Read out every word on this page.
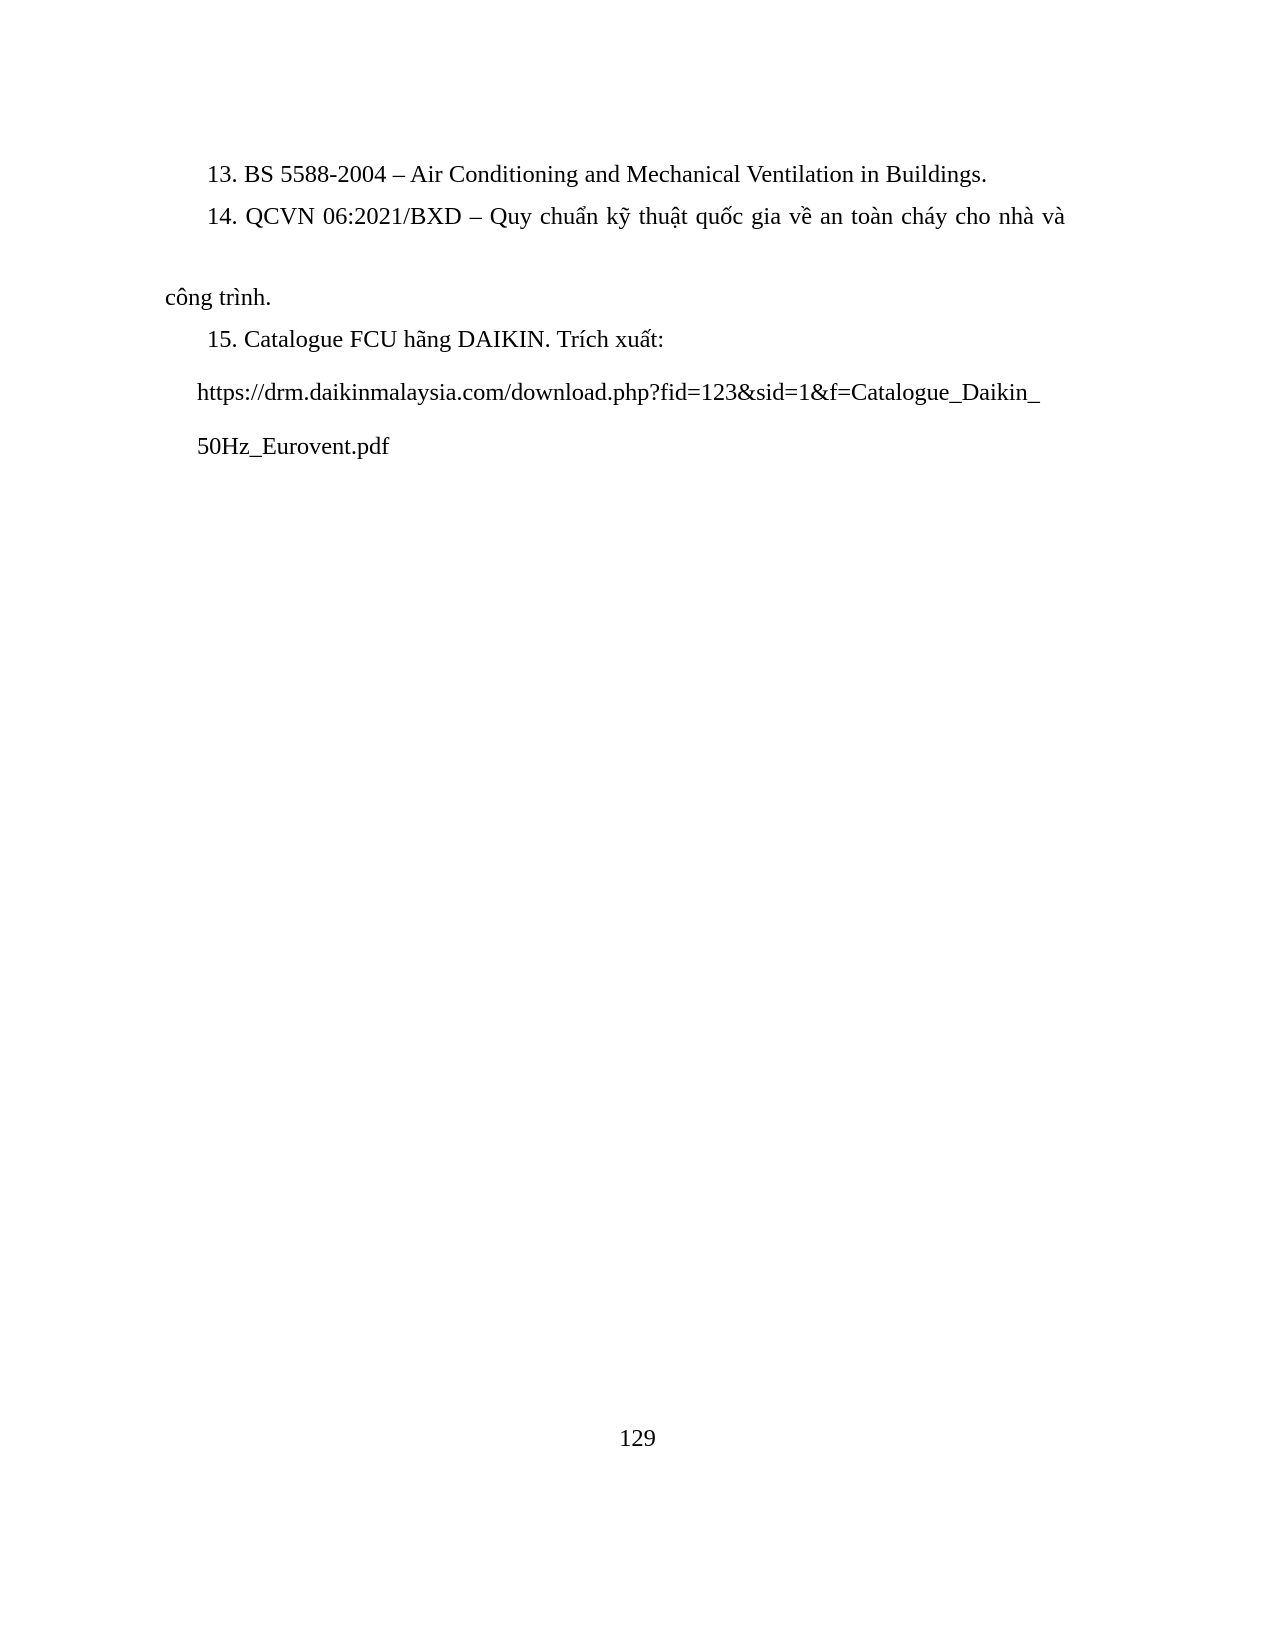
13. BS 5588-2004 – Air Conditioning and Mechanical Ventilation in Buildings.

14. QCVN 06:2021/BXD – Quy chuẩn kỹ thuật quốc gia về an toàn cháy cho nhà và

công trình.

15. Catalogue FCU hãng DAIKIN. Trích xuất:

https://drm.daikinmalaysia.com/download.php?fid=123&sid=1&f=Catalogue_Daikin_

50Hz_Eurovent.pdf

129
